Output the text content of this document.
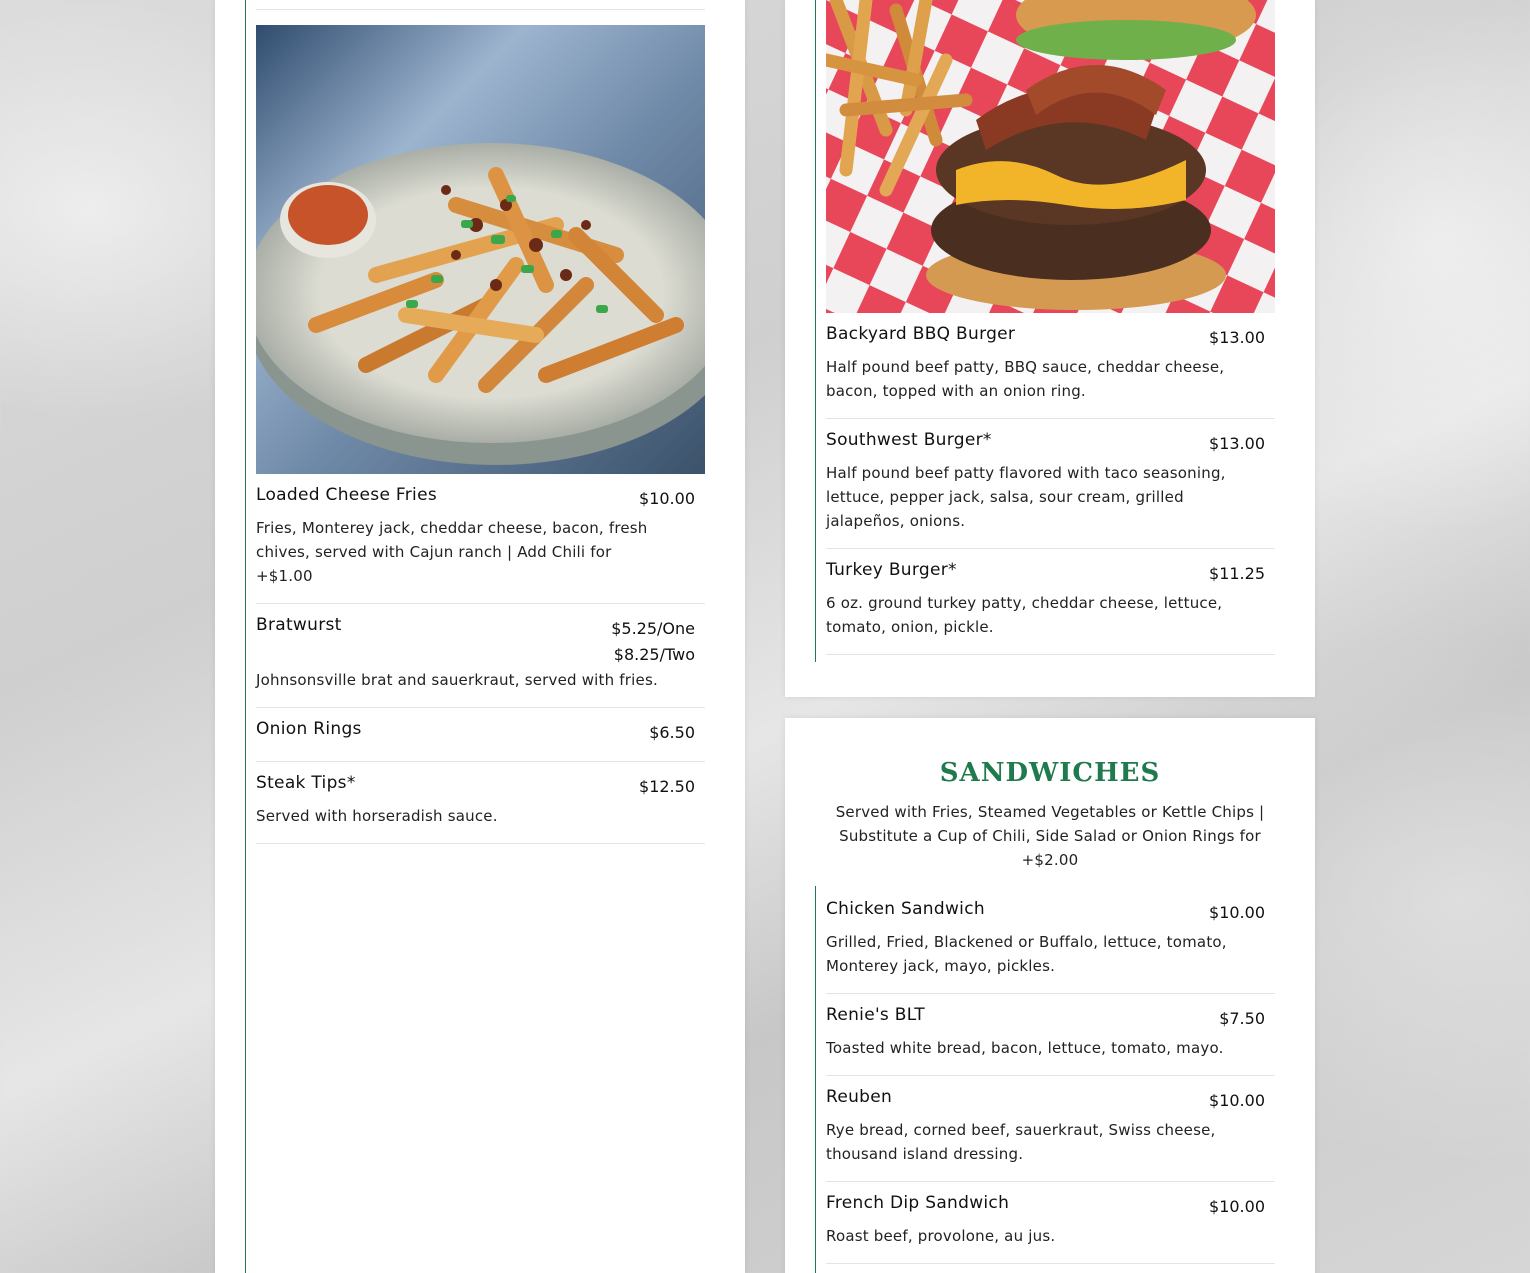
Loaded Cheese Fries	$10.00
Fries, Monterey jack, cheddar cheese, bacon, fresh chives, served with Cajun ranch | Add Chili for +$1.00
Bratwurst	$5.25/One
$8.25/Two
Johnsonsville brat and sauerkraut, served with fries.
Onion Rings	$6.50
Steak Tips*	$12.50
Served with horseradish sauce.
Backyard BBQ Burger	$13.00
Half pound beef patty, BBQ sauce, cheddar cheese, bacon, topped with an onion ring.
Southwest Burger*	$13.00
Half pound beef patty flavored with taco seasoning, lettuce, pepper jack, salsa, sour cream, grilled jalapeños, onions.
Turkey Burger*	$11.25
6 oz. ground turkey patty, cheddar cheese, lettuce, tomato, onion, pickle.
SANDWICHES

Served with Fries, Steamed Vegetables or Kettle Chips | Substitute a Cup of Chili, Side Salad or Onion Rings for +$2.00

Chicken Sandwich	$10.00
Grilled, Fried, Blackened or Buffalo, lettuce, tomato, Monterey jack, mayo, pickles.
Renie's BLT	$7.50
Toasted white bread, bacon, lettuce, tomato, mayo.
Reuben	$10.00
Rye bread, corned beef, sauerkraut, Swiss cheese, thousand island dressing.
French Dip Sandwich	$10.00
Roast beef, provolone, au jus.
